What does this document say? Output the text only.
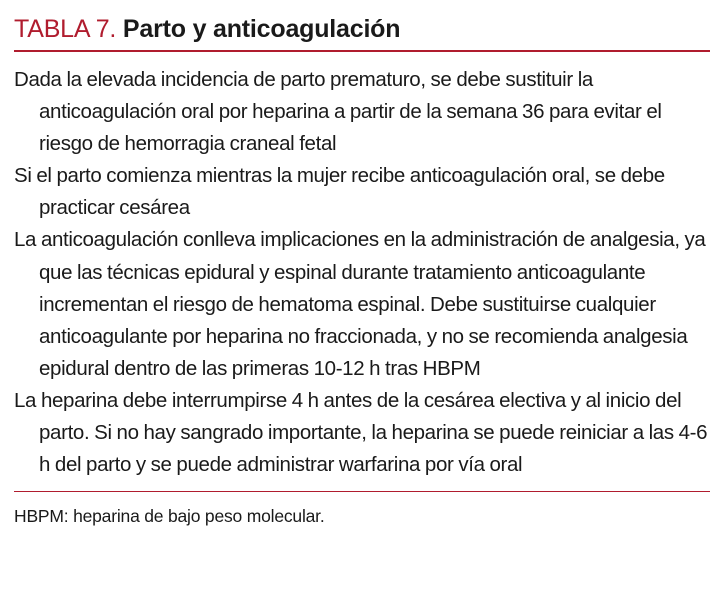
TABLA 7. Parto y anticoagulación
Dada la elevada incidencia de parto prematuro, se debe sustituir la anticoagulación oral por heparina a partir de la semana 36 para evitar el riesgo de hemorragia craneal fetal
Si el parto comienza mientras la mujer recibe anticoagulación oral, se debe practicar cesárea
La anticoagulación conlleva implicaciones en la administración de analgesia, ya que las técnicas epidural y espinal durante tratamiento anticoagulante incrementan el riesgo de hematoma espinal. Debe sustituirse cualquier anticoagulante por heparina no fraccionada, y no se recomienda analgesia epidural dentro de las primeras 10-12 h tras HBPM
La heparina debe interrumpirse 4 h antes de la cesárea electiva y al inicio del parto. Si no hay sangrado importante, la heparina se puede reiniciar a las 4-6 h del parto y se puede administrar warfarina por vía oral
HBPM: heparina de bajo peso molecular.
